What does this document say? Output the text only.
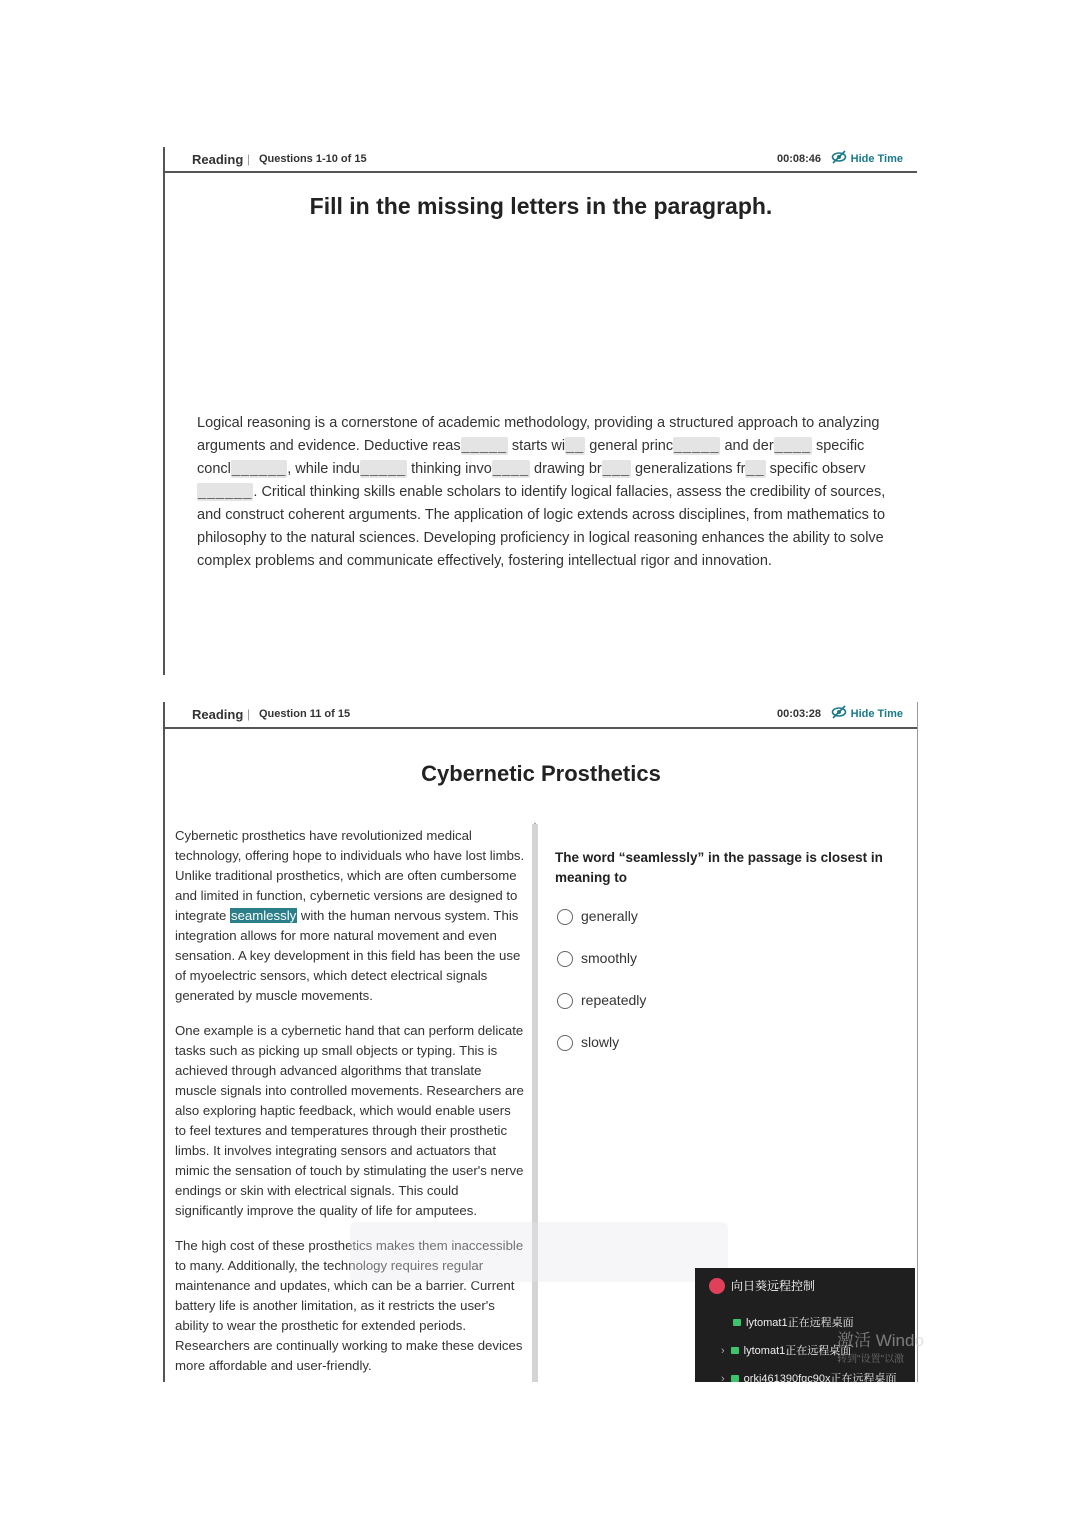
Reading | Questions 1-10 of 15	00:08:46	Hide Time
Fill in the missing letters in the paragraph.
Logical reasoning is a cornerstone of academic methodology, providing a structured approach to analyzing arguments and evidence. Deductive reas_____ starts wi__ general princ_____ and der____ specific concl______, while indu_____ thinking invo____ drawing br___ generalizations fr__ specific observ______. Critical thinking skills enable scholars to identify logical fallacies, assess the credibility of sources, and construct coherent arguments. The application of logic extends across disciplines, from mathematics to philosophy to the natural sciences. Developing proficiency in logical reasoning enhances the ability to solve complex problems and communicate effectively, fostering intellectual rigor and innovation.
Reading | Question 11 of 15	00:03:28	Hide Time
Cybernetic Prosthetics

Cybernetic prosthetics have revolutionized medical technology, offering hope to individuals who have lost limbs. Unlike traditional prosthetics, which are often cumbersome and limited in function, cybernetic versions are designed to integrate seamlessly with the human nervous system. This integration allows for more natural movement and even sensation. A key development in this field has been the use of myoelectric sensors, which detect electrical signals generated by muscle movements.

One example is a cybernetic hand that can perform delicate tasks such as picking up small objects or typing. This is achieved through advanced algorithms that translate muscle signals into controlled movements. Researchers are also exploring haptic feedback, which would enable users to feel textures and temperatures through their prosthetic limbs. It involves integrating sensors and actuators that mimic the sensation of touch by stimulating the user's nerve endings or skin with electrical signals. This could significantly improve the quality of life for amputees.

The high cost of these prosthetics makes them inaccessible to many. Additionally, the technology requires regular maintenance and updates, which can be a barrier. Current battery life is another limitation, as it restricts the user's ability to wear the prosthetic for extended periods. Researchers are continually working to make these devices more affordable and user-friendly.

The word “seamlessly” in the passage is closest in meaning to
generally
smoothly
repeatedly
slowly
向日葵远程控制
lytomat1正在远程桌面
› lytomat1正在远程桌面
› orkj461390fqc90x正在远程桌面
激活 Windo
转到"设置"以激
